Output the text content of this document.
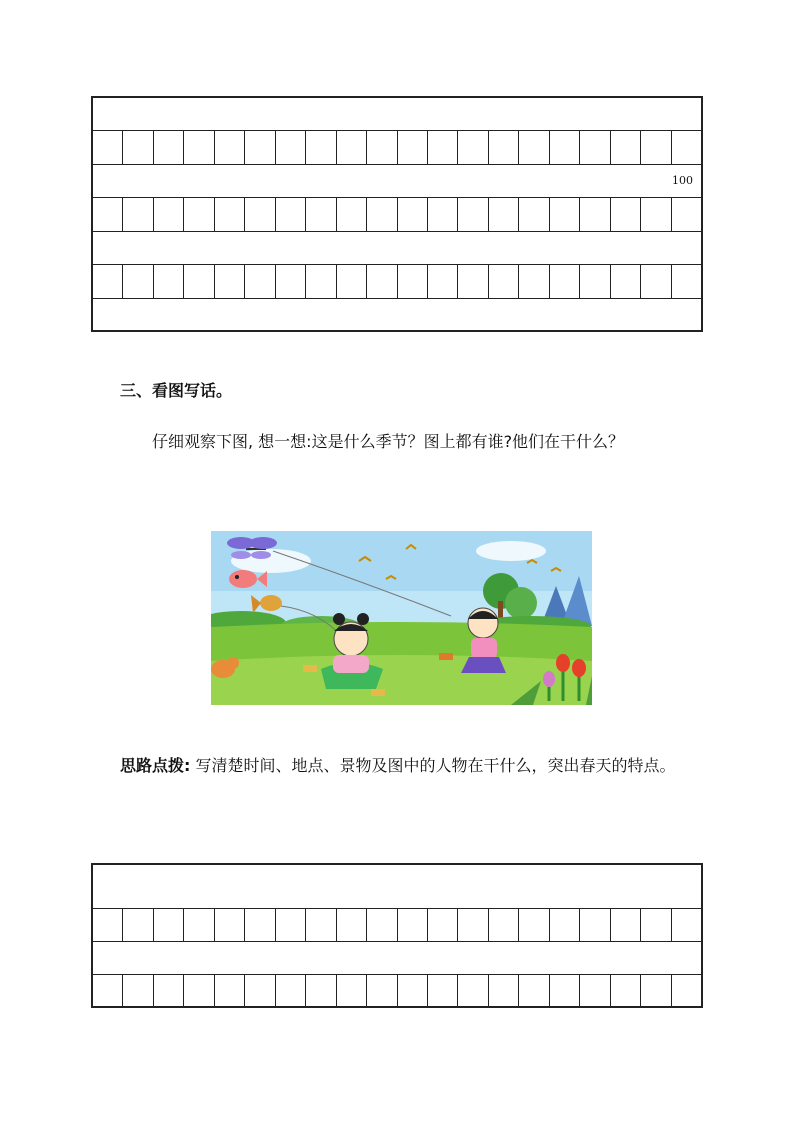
100
三、看图写话。
仔细观察下图, 想一想:这是什么季节？图上都有谁?他们在干什么？
思路点拨: 写清楚时间、地点、景物及图中的人物在干什么，突出春天的特点。
